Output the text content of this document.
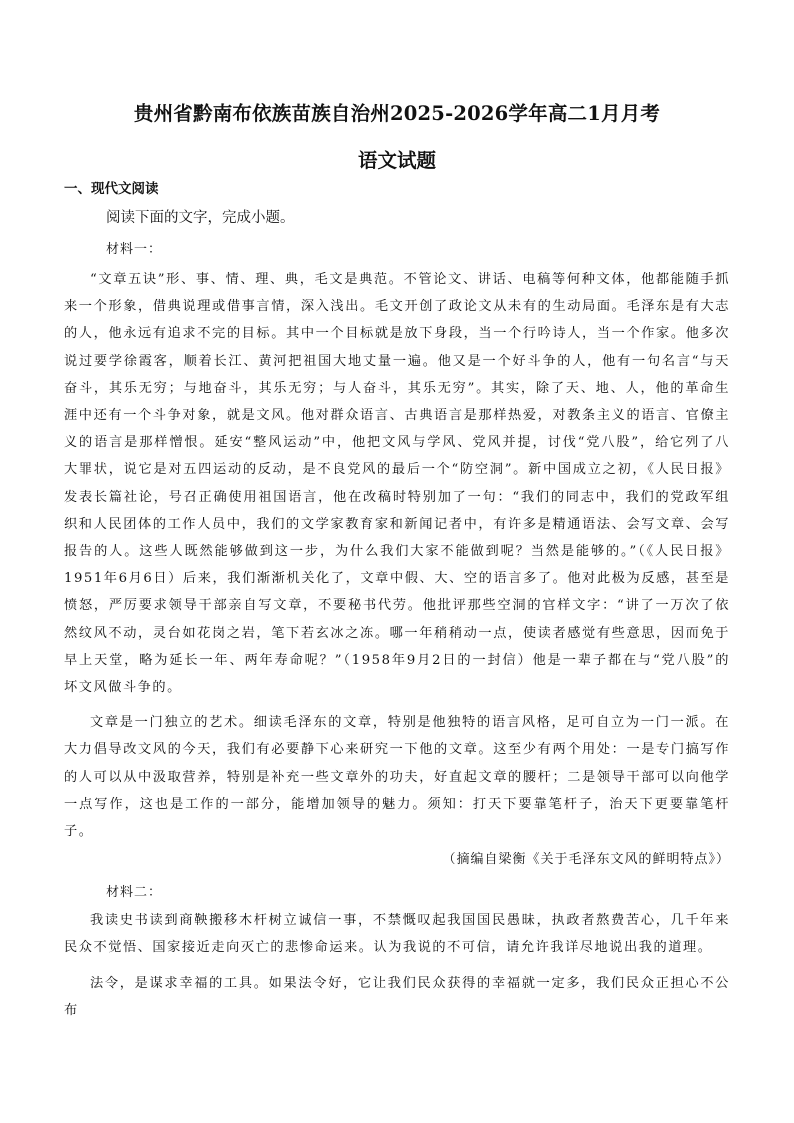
贵州省黔南布依族苗族自治州2025-2026学年高二1月月考
语文试题
一、现代文阅读
阅读下面的文字，完成小题。
材料一：

“文章五诀”形、事、情、理、典，毛文是典范。不管论文、讲话、电稿等何种文体，他都能随手抓来一个形象，借典说理或借事言情，深入浅出。毛文开创了政论文从未有的生动局面。毛泽东是有大志的人，他永远有追求不完的目标。其中一个目标就是放下身段，当一个行吟诗人，当一个作家。他多次说过要学徐霞客，顺着长江、黄河把祖国大地丈量一遍。他又是一个好斗争的人，他有一句名言“与天奋斗，其乐无穷；与地奋斗，其乐无穷；与人奋斗，其乐无穷”。其实，除了天、地、人，他的革命生涯中还有一个斗争对象，就是文风。他对群众语言、古典语言是那样热爱，对教条主义的语言、官僚主义的语言是那样憎恨。延安“整风运动”中，他把文风与学风、党风并提，讨伐“党八股”，给它列了八大罪状，说它是对五四运动的反动，是不良党风的最后一个“防空洞”。新中国成立之初，《人民日报》发表长篇社论，号召正确使用祖国语言，他在改稿时特别加了一句：“我们的同志中，我们的党政军组织和人民团体的工作人员中，我们的文学家教育家和新闻记者中，有许多是精通语法、会写文章、会写报告的人。这些人既然能够做到这一步，为什么我们大家不能做到呢？当然是能够的。”（《人民日报》1951年6月6日）后来，我们渐渐机关化了，文章中假、大、空的语言多了。他对此极为反感，甚至是愤怒，严厉要求领导干部亲自写文章，不要秘书代劳。他批评那些空洞的官样文字：“讲了一万次了依然纹风不动，灵台如花岗之岩，笔下若玄冰之冻。哪一年稍稍动一点，使读者感觉有些意思，因而免于早上天堂，略为延长一年、两年寿命呢？”（1958年9月2日的一封信）他是一辈子都在与“党八股”的坏文风做斗争的。

文章是一门独立的艺术。细读毛泽东的文章，特别是他独特的语言风格，足可自立为一门一派。在大力倡导改文风的今天，我们有必要静下心来研究一下他的文章。这至少有两个用处：一是专门搞写作的人可以从中汲取营养，特别是补充一些文章外的功夫，好直起文章的腰杆；二是领导干部可以向他学一点写作，这也是工作的一部分，能增加领导的魅力。须知：打天下要靠笔杆子，治天下更要靠笔杆子。

（摘编自梁衡《关于毛泽东文风的鲜明特点》）
材料二：

我读史书读到商鞅搬移木杆树立诚信一事，不禁慨叹起我国国民愚昧，执政者熬费苦心，几千年来民众不觉悟、国家接近走向灭亡的悲惨命运来。认为我说的不可信，请允许我详尽地说出我的道理。

法令，是谋求幸福的工具。如果法令好，它让我们民众获得的幸福就一定多，我们民众正担心不公布
